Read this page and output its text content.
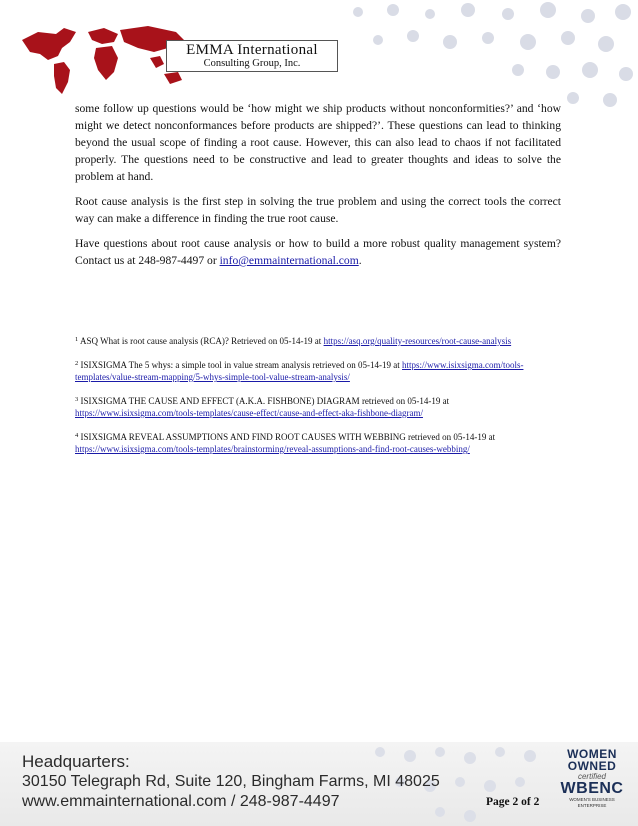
EMMA International
Consulting Group, Inc.

some follow up questions would be ‘how might we ship products without nonconformities?’ and ‘how might we detect nonconformances before products are shipped?’. These questions can lead to thinking beyond the usual scope of finding a root cause. However, this can also lead to chaos if not facilitated properly. The questions need to be constructive and lead to greater thoughts and ideas to solve the problem at hand.

Root cause analysis is the first step in solving the true problem and using the correct tools the correct way can make a difference in finding the true root cause.

Have questions about root cause analysis or how to build a more robust quality management system? Contact us at 248-987-4497 or info@emmainternational.com.

$^1$ ASQ What is root cause analysis (RCA)? Retrieved on 05-14-19 at https://asq.org/quality-resources/root-cause-analysis

$^2$ ISIXSIGMA The 5 whys: a simple tool in value stream analysis retrieved on 05-14-19 at https://www.isixsigma.com/tools-templates/value-stream-mapping/5-whys-simple-tool-value-stream-analysis/

$^3$ ISIXSIGMA THE CAUSE AND EFFECT (A.K.A. FISHBONE) DIAGRAM retrieved on 05-14-19 at https://www.isixsigma.com/tools-templates/cause-effect/cause-and-effect-aka-fishbone-diagram/

$^4$ ISIXSIGMA REVEAL ASSUMPTIONS AND FIND ROOT CAUSES WITH WEBBING retrieved on 05-14-19 at https://www.isixsigma.com/tools-templates/brainstorming/reveal-assumptions-and-find-root-causes-webbing/

Headquarters:
30150 Telegraph Rd, Suite 120, Bingham Farms, MI 48025
www.emmainternational.com / 248-987-4497	Page 2 of 2
WOMEN
OWNED
certified
WBENC
WOMEN'S BUSINESS ENTERPRISE
